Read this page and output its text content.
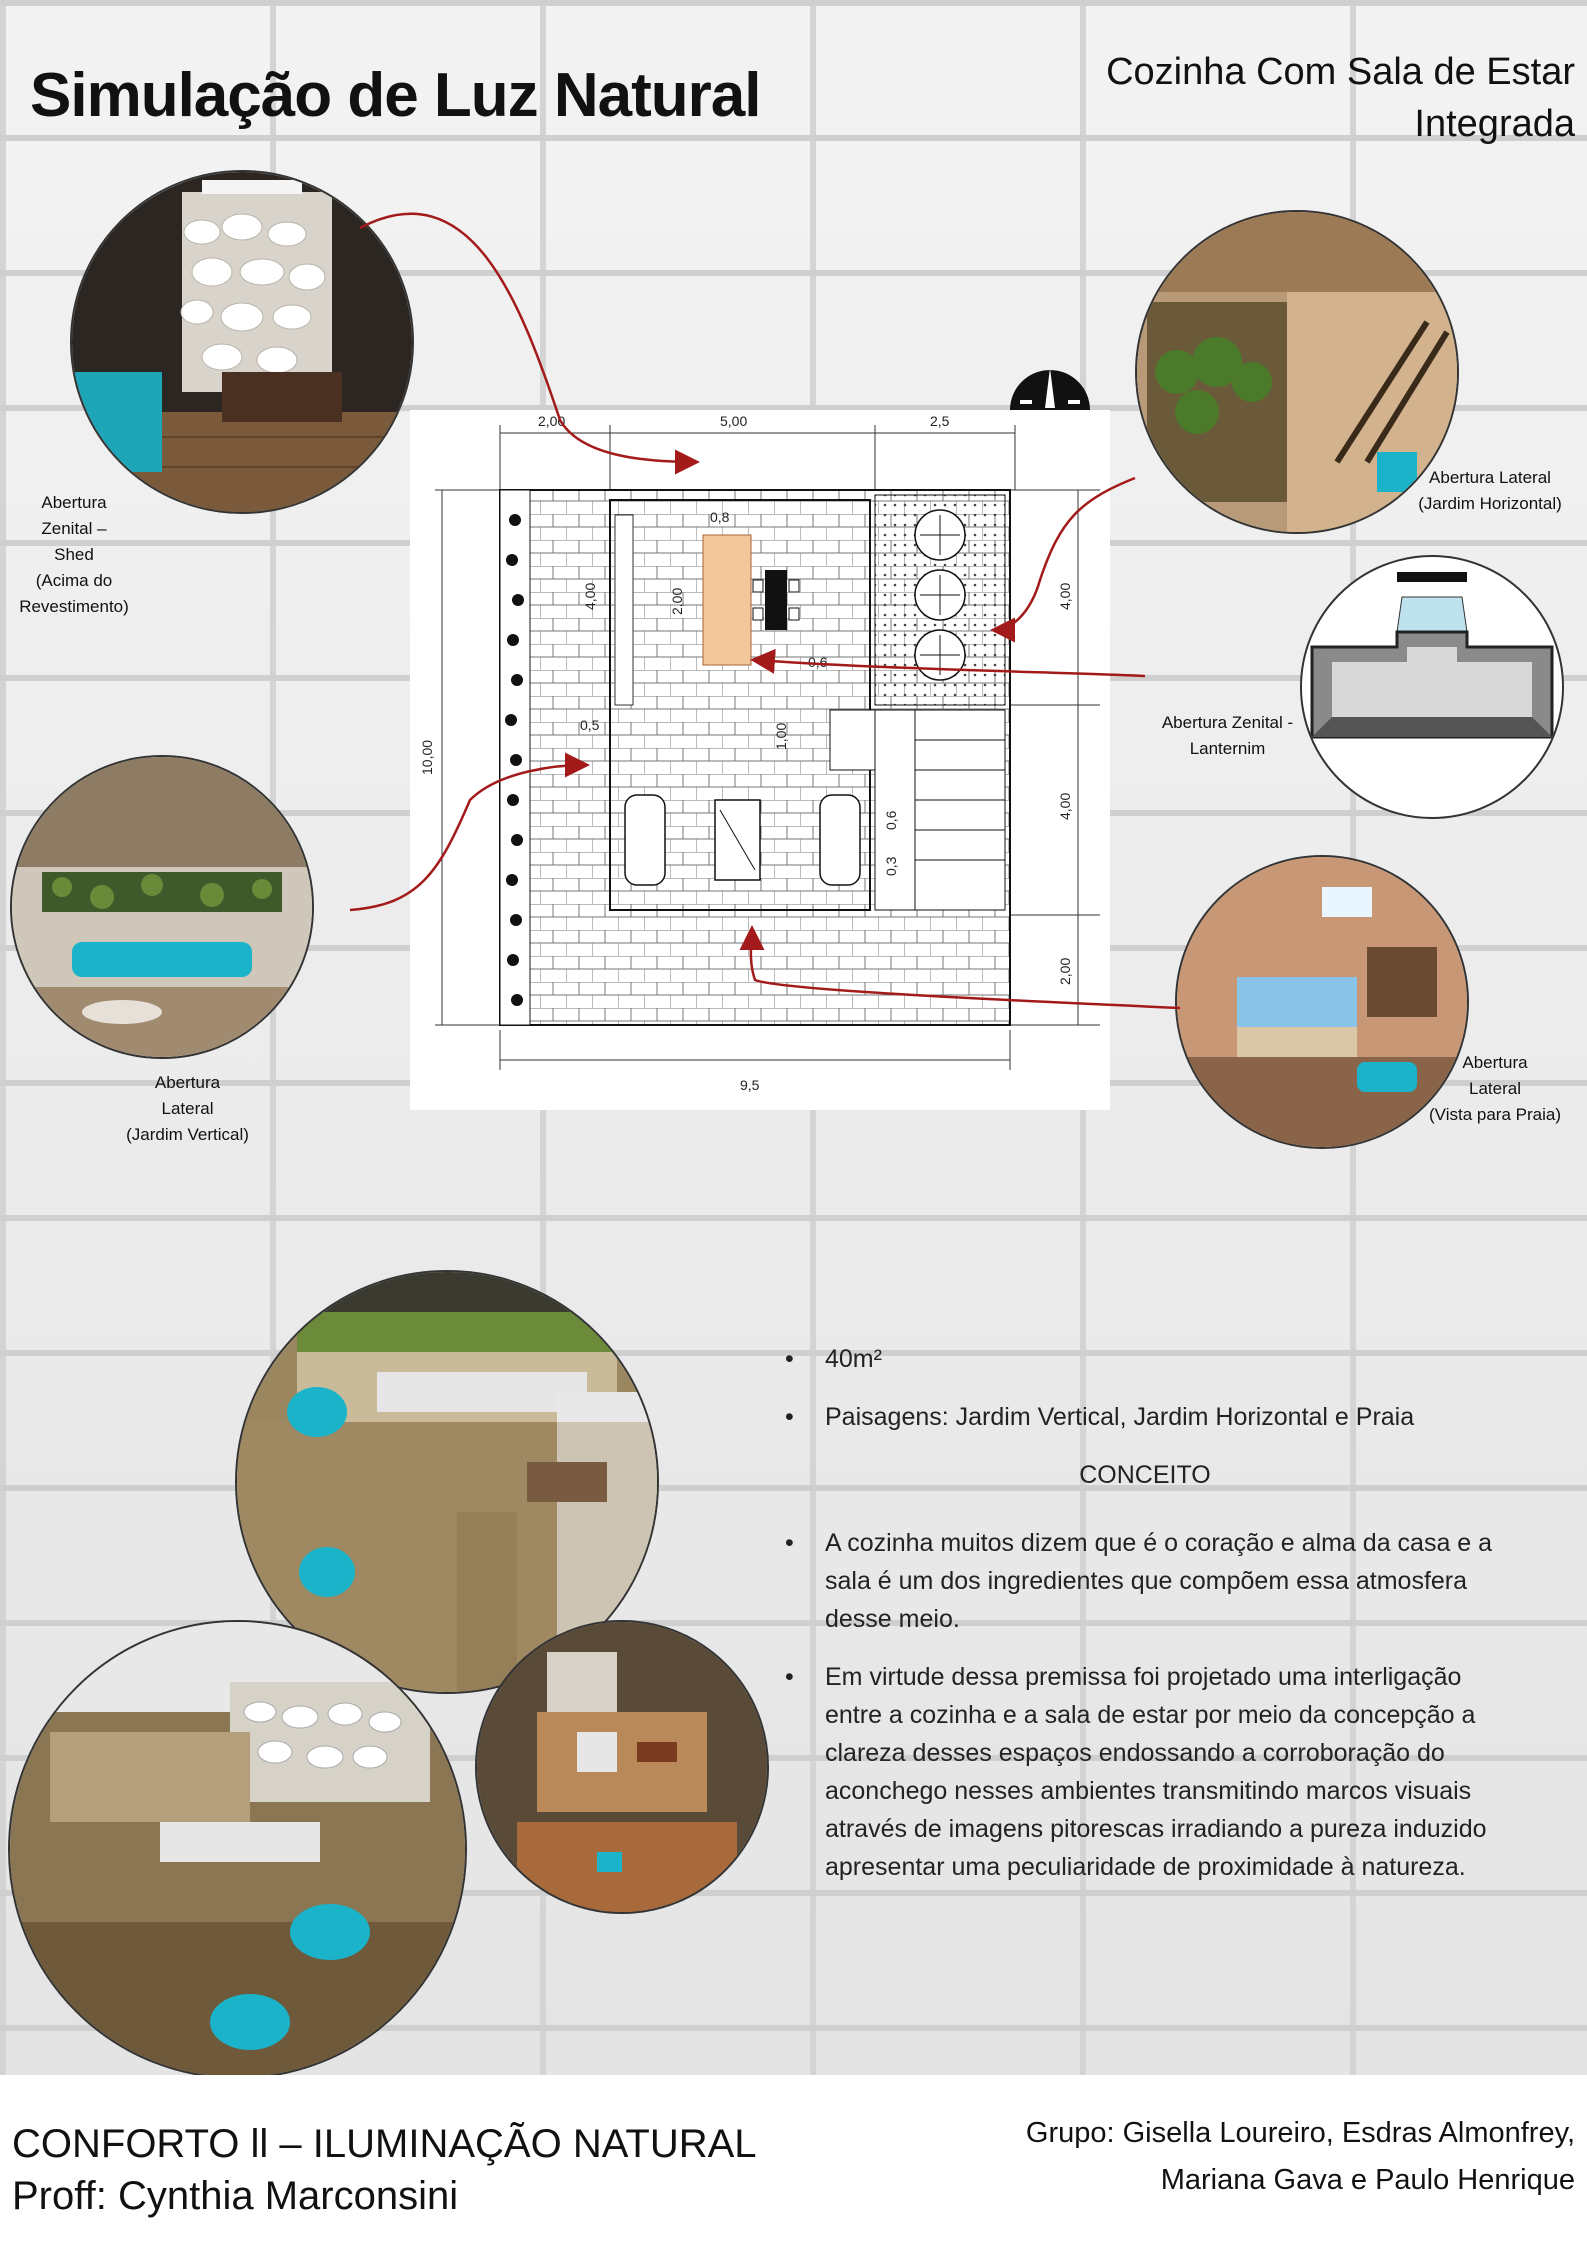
Simulação de Luz Natural	Cozinha Com Sala de Estar
Integrada
Abertura
Zenital –
Shed
(Acima do
Revestimento)
Abertura
Lateral
(Jardim Vertical)
Abertura Lateral
(Jardim Horizontal)
Abertura Zenital -
Lanternim
Abertura
Lateral
(Vista para Praia)
2,00	5,00	2,5
9,5
10,00
4,00
4,00
2,00
0,8
2,00
4,00
0,6
0,5	1,00
0,6
0,3
• 40m²
• Paisagens: Jardim Vertical, Jardim Horizontal e Praia
CONCEITO
• A cozinha muitos dizem que é o coração e alma da casa e a sala é um dos ingredientes que compõem essa atmosfera desse meio.
• Em virtude dessa premissa foi projetado uma interligação entre a cozinha e a sala de estar por meio da concepção a clareza desses espaços endossando a corroboração do aconchego nesses ambientes transmitindo marcos visuais através de imagens pitorescas irradiando a pureza induzido apresentar uma peculiaridade de proximidade à natureza.
CONFORTO ll – ILUMINAÇÃO NATURAL
Proff: Cynthia Marconsini
Grupo: Gisella Loureiro, Esdras Almonfrey,
Mariana Gava e Paulo Henrique
